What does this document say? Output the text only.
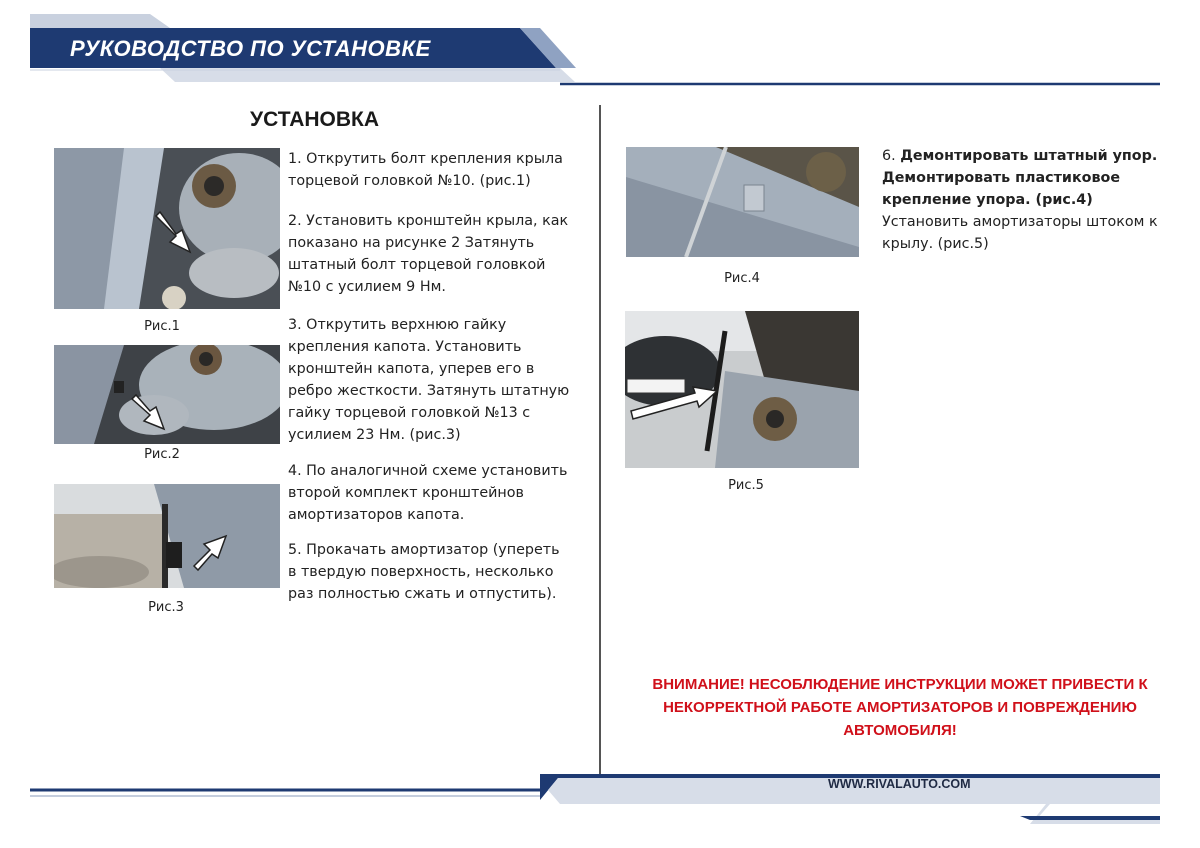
РУКОВОДСТВО ПО УСТАНОВКЕ
УСТАНОВКА
Рис.1
Рис.2
Рис.3
1. Открутить болт крепления крыла торцевой головкой №10. (рис.1)
2. Установить кронштейн крыла, как показано на рисунке 2 Затянуть штатный болт торцевой головкой №10 с усилием 9 Нм.
3. Открутить верхнюю гайку крепления капота. Установить кронштейн капота, уперев его в ребро жесткости. Затянуть штатную гайку торцевой головкой №13 с усилием 23 Нм. (рис.3)
4. По аналогичной схеме установить второй комплект кронштейнов амортизаторов капота.
5. Прокачать амортизатор (упереть в твердую поверхность, несколько раз полностью сжать и отпустить).
Рис.4
Рис.5
6. Демонтировать штатный упор. Демонтировать пластиковое крепление упора. (рис.4) Установить амортизаторы штоком к крылу. (рис.5)
ВНИМАНИЕ! НЕСОБЛЮДЕНИЕ ИНСТРУКЦИИ МОЖЕТ ПРИВЕСТИ К НЕКОРРЕКТНОЙ РАБОТЕ АМОРТИЗАТОРОВ И ПОВРЕЖДЕНИЮ АВТОМОБИЛЯ!
WWW.RIVALAUTO.COM
